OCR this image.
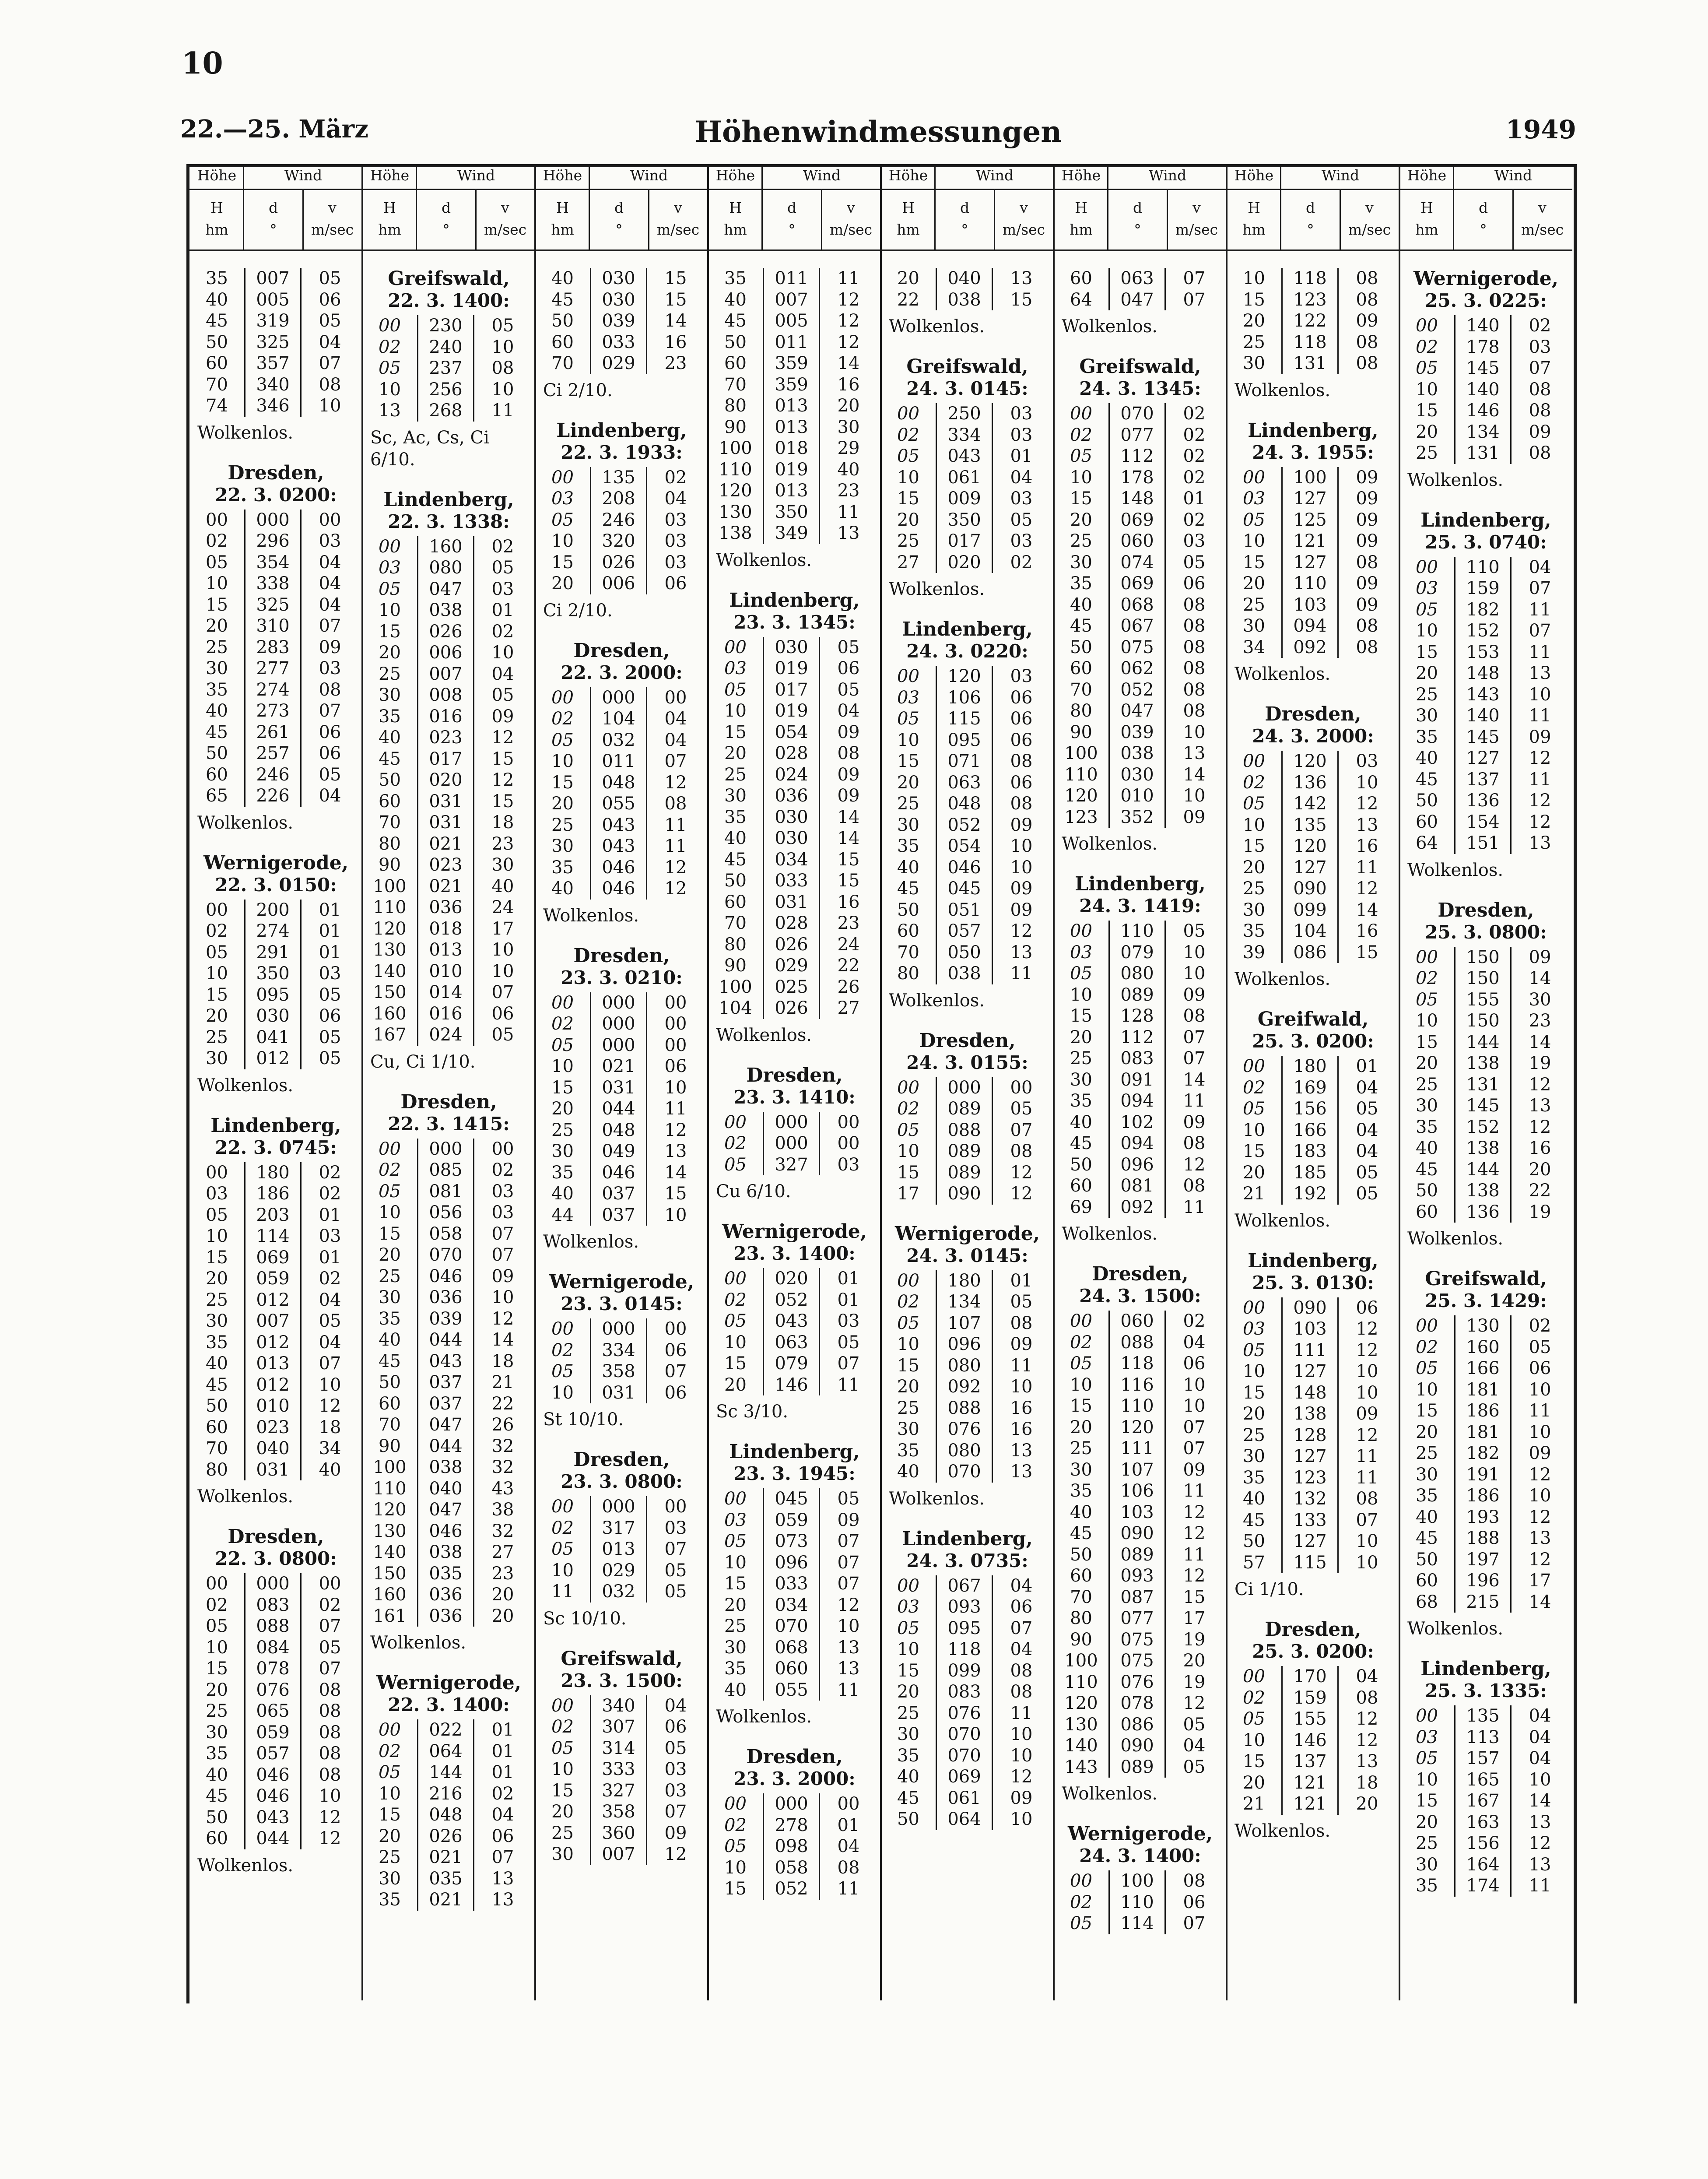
10
Höhenwindmessungen
22.—25. März	1949
Höhe	Wind
H
hm
d
°
v
m/sec
35	007	05
40	005	06
45	319	05
50	325	04
60	357	07
70	340	08
74	346	10
Wolkenlos.
Dresden,
22. 3. 0200:
00	000	00
02	296	03
05	354	04
10	338	04
15	325	04
20	310	07
25	283	09
30	277	03
35	274	08
40	273	07
45	261	06
50	257	06
60	246	05
65	226	04
Wolkenlos.
Wernigerode,
22. 3. 0150:
00	200	01
02	274	01
05	291	01
10	350	03
15	095	05
20	030	06
25	041	05
30	012	05
Wolkenlos.
Lindenberg,
22. 3. 0745:
00	180	02
03	186	02
05	203	01
10	114	03
15	069	01
20	059	02
25	012	04
30	007	05
35	012	04
40	013	07
45	012	10
50	010	12
60	023	18
70	040	34
80	031	40
Wolkenlos.
Dresden,
22. 3. 0800:
00	000	00
02	083	02
05	088	07
10	084	05
15	078	07
20	076	08
25	065	08
30	059	08
35	057	08
40	046	08
45	046	10
50	043	12
60	044	12
Wolkenlos.
Höhe	Wind
H
hm
d
°
v
m/sec
Greifswald,
22. 3. 1400:
00	230	05
02	240	10
05	237	08
10	256	10
13	268	11
Sc, Ac, Cs, Ci 6/10.
Lindenberg,
22. 3. 1338:
00	160	02
03	080	05
05	047	03
10	038	01
15	026	02
20	006	10
25	007	04
30	008	05
35	016	09
40	023	12
45	017	15
50	020	12
60	031	15
70	031	18
80	021	23
90	023	30
100	021	40
110	036	24
120	018	17
130	013	10
140	010	10
150	014	07
160	016	06
167	024	05
Cu, Ci 1/10.
Dresden,
22. 3. 1415:
00	000	00
02	085	02
05	081	03
10	056	03
15	058	07
20	070	07
25	046	09
30	036	10
35	039	12
40	044	14
45	043	18
50	037	21
60	037	22
70	047	26
90	044	32
100	038	32
110	040	43
120	047	38
130	046	32
140	038	27
150	035	23
160	036	20
161	036	20
Wolkenlos.
Wernigerode,
22. 3. 1400:
00	022	01
02	064	01
05	144	01
10	216	02
15	048	04
20	026	06
25	021	07
30	035	13
35	021	13
Höhe	Wind
H
hm
d
°
v
m/sec
40	030	15
45	030	15
50	039	14
60	033	16
70	029	23
Ci 2/10.
Lindenberg,
22. 3. 1933:
00	135	02
03	208	04
05	246	03
10	320	03
15	026	03
20	006	06
Ci 2/10.
Dresden,
22. 3. 2000:
00	000	00
02	104	04
05	032	04
10	011	07
15	048	12
20	055	08
25	043	11
30	043	11
35	046	12
40	046	12
Wolkenlos.
Dresden,
23. 3. 0210:
00	000	00
02	000	00
05	000	00
10	021	06
15	031	10
20	044	11
25	048	12
30	049	13
35	046	14
40	037	15
44	037	10
Wolkenlos.
Wernigerode,
23. 3. 0145:
00	000	00
02	334	06
05	358	07
10	031	06
St 10/10.
Dresden,
23. 3. 0800:
00	000	00
02	317	03
05	013	07
10	029	05
11	032	05
Sc 10/10.
Greifswald,
23. 3. 1500:
00	340	04
02	307	06
05	314	05
10	333	03
15	327	03
20	358	07
25	360	09
30	007	12
Höhe	Wind
H
hm
d
°
v
m/sec
35	011	11
40	007	12
45	005	12
50	011	12
60	359	14
70	359	16
80	013	20
90	013	30
100	018	29
110	019	40
120	013	23
130	350	11
138	349	13
Wolkenlos.
Lindenberg,
23. 3. 1345:
00	030	05
03	019	06
05	017	05
10	019	04
15	054	09
20	028	08
25	024	09
30	036	09
35	030	14
40	030	14
45	034	15
50	033	15
60	031	16
70	028	23
80	026	24
90	029	22
100	025	26
104	026	27
Wolkenlos.
Dresden,
23. 3. 1410:
00	000	00
02	000	00
05	327	03
Cu 6/10.
Wernigerode,
23. 3. 1400:
00	020	01
02	052	01
05	043	03
10	063	05
15	079	07
20	146	11
Sc 3/10.
Lindenberg,
23. 3. 1945:
00	045	05
03	059	09
05	073	07
10	096	07
15	033	07
20	034	12
25	070	10
30	068	13
35	060	13
40	055	11
Wolkenlos.
Dresden,
23. 3. 2000:
00	000	00
02	278	01
05	098	04
10	058	08
15	052	11
Höhe	Wind
H
hm
d
°
v
m/sec
20	040	13
22	038	15
Wolkenlos.
Greifswald,
24. 3. 0145:
00	250	03
02	334	03
05	043	01
10	061	04
15	009	03
20	350	05
25	017	03
27	020	02
Wolkenlos.
Lindenberg,
24. 3. 0220:
00	120	03
03	106	06
05	115	06
10	095	06
15	071	08
20	063	06
25	048	08
30	052	09
35	054	10
40	046	10
45	045	09
50	051	09
60	057	12
70	050	13
80	038	11
Wolkenlos.
Dresden,
24. 3. 0155:
00	000	00
02	089	05
05	088	07
10	089	08
15	089	12
17	090	12
Wernigerode,
24. 3. 0145:
00	180	01
02	134	05
05	107	08
10	096	09
15	080	11
20	092	10
25	088	16
30	076	16
35	080	13
40	070	13
Wolkenlos.
Lindenberg,
24. 3. 0735:
00	067	04
03	093	06
05	095	07
10	118	04
15	099	08
20	083	08
25	076	11
30	070	10
35	070	10
40	069	12
45	061	09
50	064	10
Höhe	Wind
H
hm
d
°
v
m/sec
60	063	07
64	047	07
Wolkenlos.
Greifswald,
24. 3. 1345:
00	070	02
02	077	02
05	112	02
10	178	02
15	148	01
20	069	02
25	060	03
30	074	05
35	069	06
40	068	08
45	067	08
50	075	08
60	062	08
70	052	08
80	047	08
90	039	10
100	038	13
110	030	14
120	010	10
123	352	09
Wolkenlos.
Lindenberg,
24. 3. 1419:
00	110	05
03	079	10
05	080	10
10	089	09
15	128	08
20	112	07
25	083	07
30	091	14
35	094	11
40	102	09
45	094	08
50	096	12
60	081	08
69	092	11
Wolkenlos.
Dresden,
24. 3. 1500:
00	060	02
02	088	04
05	118	06
10	116	10
15	110	10
20	120	07
25	111	07
30	107	09
35	106	11
40	103	12
45	090	12
50	089	11
60	093	12
70	087	15
80	077	17
90	075	19
100	075	20
110	076	19
120	078	12
130	086	05
140	090	04
143	089	05
Wolkenlos.
Wernigerode,
24. 3. 1400:
00	100	08
02	110	06
05	114	07
Höhe	Wind
H
hm
d
°
v
m/sec
10	118	08
15	123	08
20	122	09
25	118	08
30	131	08
Wolkenlos.
Lindenberg,
24. 3. 1955:
00	100	09
03	127	09
05	125	09
10	121	09
15	127	08
20	110	09
25	103	09
30	094	08
34	092	08
Wolkenlos.
Dresden,
24. 3. 2000:
00	120	03
02	136	10
05	142	12
10	135	13
15	120	16
20	127	11
25	090	12
30	099	14
35	104	16
39	086	15
Wolkenlos.
Greifwald,
25. 3. 0200:
00	180	01
02	169	04
05	156	05
10	166	04
15	183	04
20	185	05
21	192	05
Wolkenlos.
Lindenberg,
25. 3. 0130:
00	090	06
03	103	12
05	111	12
10	127	10
15	148	10
20	138	09
25	128	12
30	127	11
35	123	11
40	132	08
45	133	07
50	127	10
57	115	10
Ci 1/10.
Dresden,
25. 3. 0200:
00	170	04
02	159	08
05	155	12
10	146	12
15	137	13
20	121	18
21	121	20
Wolkenlos.
Höhe	Wind
H
hm
d
°
v
m/sec
Wernigerode,
25. 3. 0225:
00	140	02
02	178	03
05	145	07
10	140	08
15	146	08
20	134	09
25	131	08
Wolkenlos.
Lindenberg,
25. 3. 0740:
00	110	04
03	159	07
05	182	11
10	152	07
15	153	11
20	148	13
25	143	10
30	140	11
35	145	09
40	127	12
45	137	11
50	136	12
60	154	12
64	151	13
Wolkenlos.
Dresden,
25. 3. 0800:
00	150	09
02	150	14
05	155	30
10	150	23
15	144	14
20	138	19
25	131	12
30	145	13
35	152	12
40	138	16
45	144	20
50	138	22
60	136	19
Wolkenlos.
Greifswald,
25. 3. 1429:
00	130	02
02	160	05
05	166	06
10	181	10
15	186	11
20	181	10
25	182	09
30	191	12
35	186	10
40	193	12
45	188	13
50	197	12
60	196	17
68	215	14
Wolkenlos.
Lindenberg,
25. 3. 1335:
00	135	04
03	113	04
05	157	04
10	165	10
15	167	14
20	163	13
25	156	12
30	164	13
35	174	11
